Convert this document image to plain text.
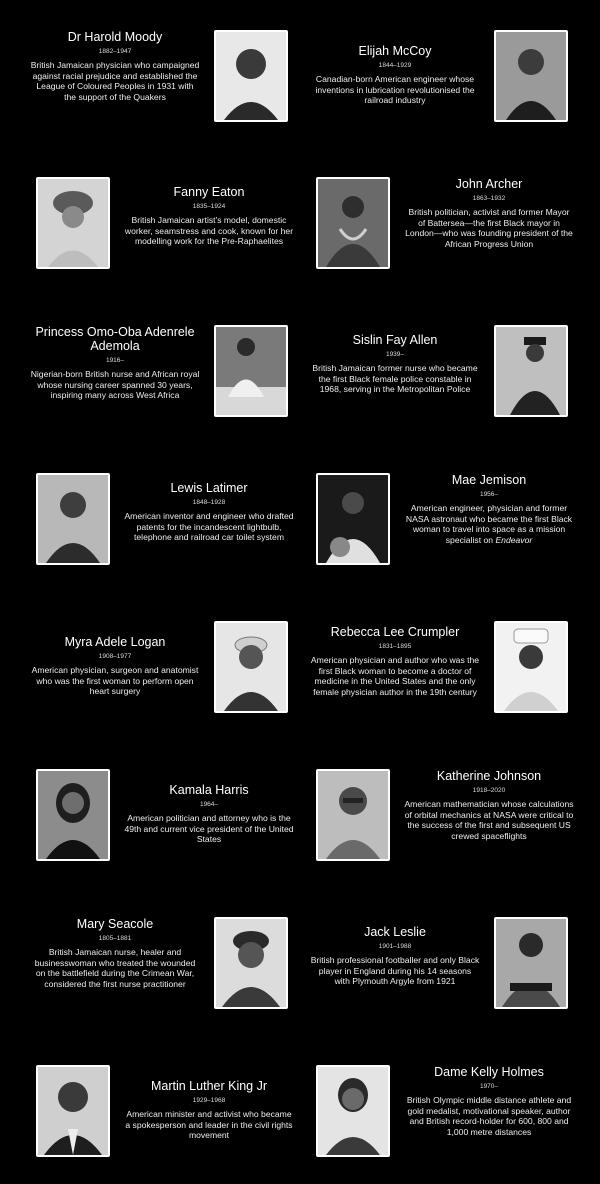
Dr Harold Moody
1882–1947
British Jamaican physician who campaigned against racial prejudice and established the League of Coloured Peoples in 1931 with the support of the Quakers
Elijah McCoy
1844–1929
Canadian-born American engineer whose inventions in lubrication revolutionised the railroad industry
Fanny Eaton
1835–1924
British Jamaican artist's model, domestic worker, seamstress and cook, known for her modelling work for the Pre-Raphaelites
John Archer
1863–1932
British politician, activist and former Mayor of Battersea—the first Black mayor in London—who was founding president of the African Progress Union
Princess Omo-Oba Adenrele Ademola
1916–
Nigerian-born British nurse and African royal whose nursing career spanned 30 years, inspiring many across West Africa
Sislin Fay Allen
1939–
British Jamaican former nurse who became the first Black female police constable in 1968, serving in the Metropolitan Police
Lewis Latimer
1848–1928
American inventor and engineer who drafted patents for the incandescent lightbulb, telephone and railroad car toilet system
Mae Jemison
1956–
American engineer, physician and former NASA astronaut who became the first Black woman to travel into space as a mission specialist on Endeavor
Myra Adele Logan
1908–1977
American physician, surgeon and anatomist who was the first woman to perform open heart surgery
Rebecca Lee Crumpler
1831–1895
American physician and author who was the first Black woman to become a doctor of medicine in the United States and the only female physician author in the 19th century
Kamala Harris
1964–
American politician and attorney who is the 49th and current vice president of the United States
Katherine Johnson
1918–2020
American mathematician whose calculations of orbital mechanics at NASA were critical to the success of the first and subsequent US crewed spaceflights
Mary Seacole
1805–1881
British Jamaican nurse, healer and businesswoman who treated the wounded on the battlefield during the Crimean War, considered the first nurse practitioner
Jack Leslie
1901–1988
British professional footballer and only Black player in England during his 14 seasons with Plymouth Argyle from 1921
Martin Luther King Jr
1929–1968
American minister and activist who became a spokesperson and leader in the civil rights movement
Dame Kelly Holmes
1970–
British Olympic middle distance athlete and gold medalist, motivational speaker, author and British record-holder for 600, 800 and 1,000 metre distances
